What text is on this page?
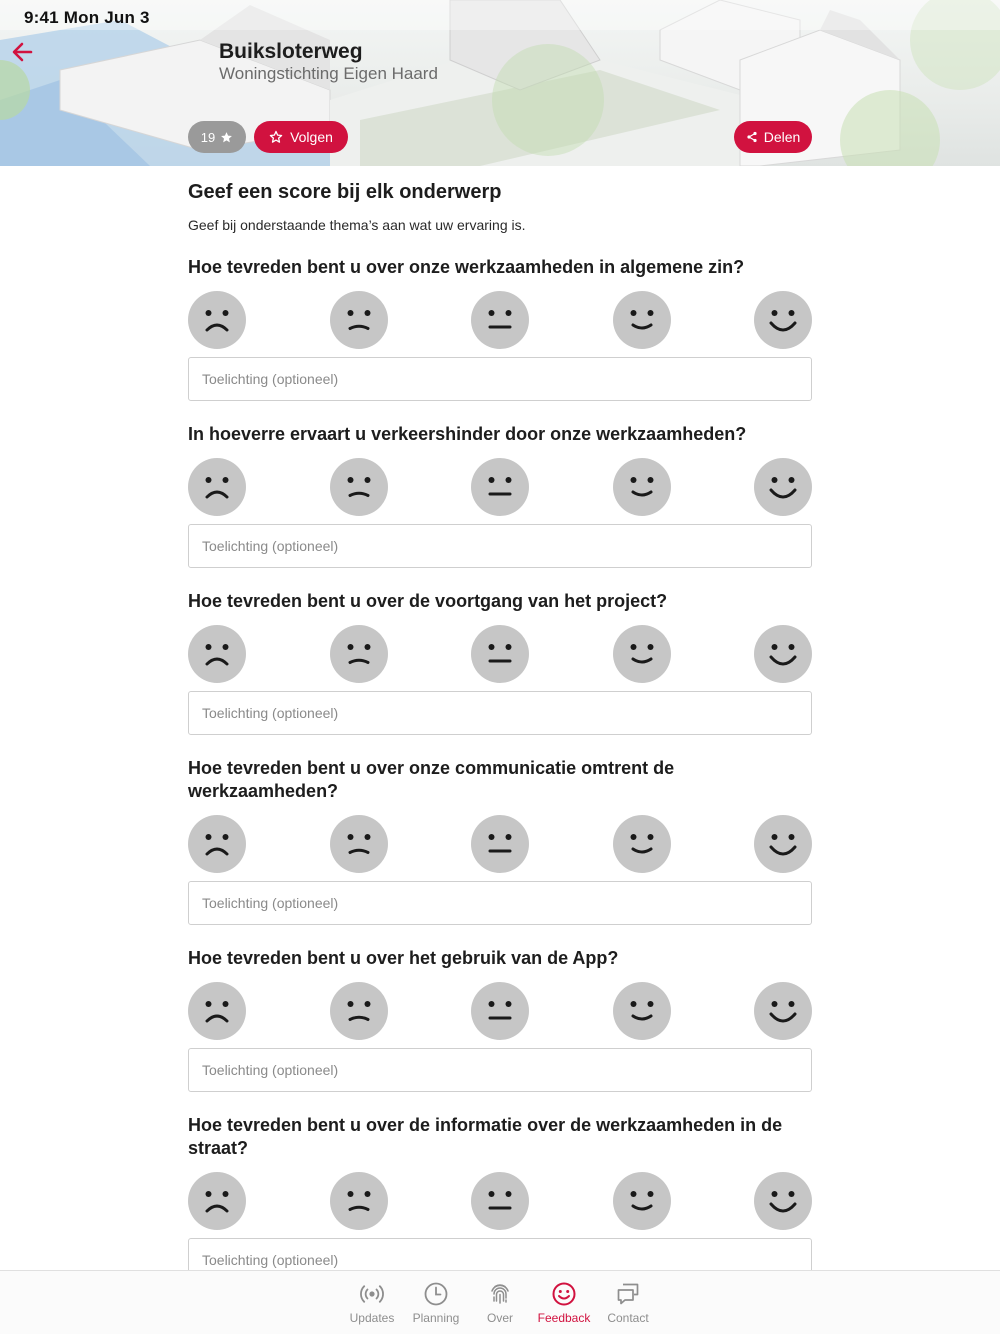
9:41 Mon Jun 3
Buiksloterweg
Woningstichting Eigen Haard
19	Volgen	Delen
Geef een score bij elk onderwerp
Geef bij onderstaande thema’s aan wat uw ervaring is.
Hoe tevreden bent u over onze werkzaamheden in algemene zin?
Toelichting (optioneel)
In hoeverre ervaart u verkeershinder door onze werkzaamheden?
Toelichting (optioneel)
Hoe tevreden bent u over de voortgang van het project?
Toelichting (optioneel)
Hoe tevreden bent u over onze communicatie omtrent de werkzaamheden?
Toelichting (optioneel)
Hoe tevreden bent u over het gebruik van de App?
Toelichting (optioneel)
Hoe tevreden bent u over de informatie over de werkzaamheden in de straat?
Toelichting (optioneel)
Updates Planning Over Feedback Contact
